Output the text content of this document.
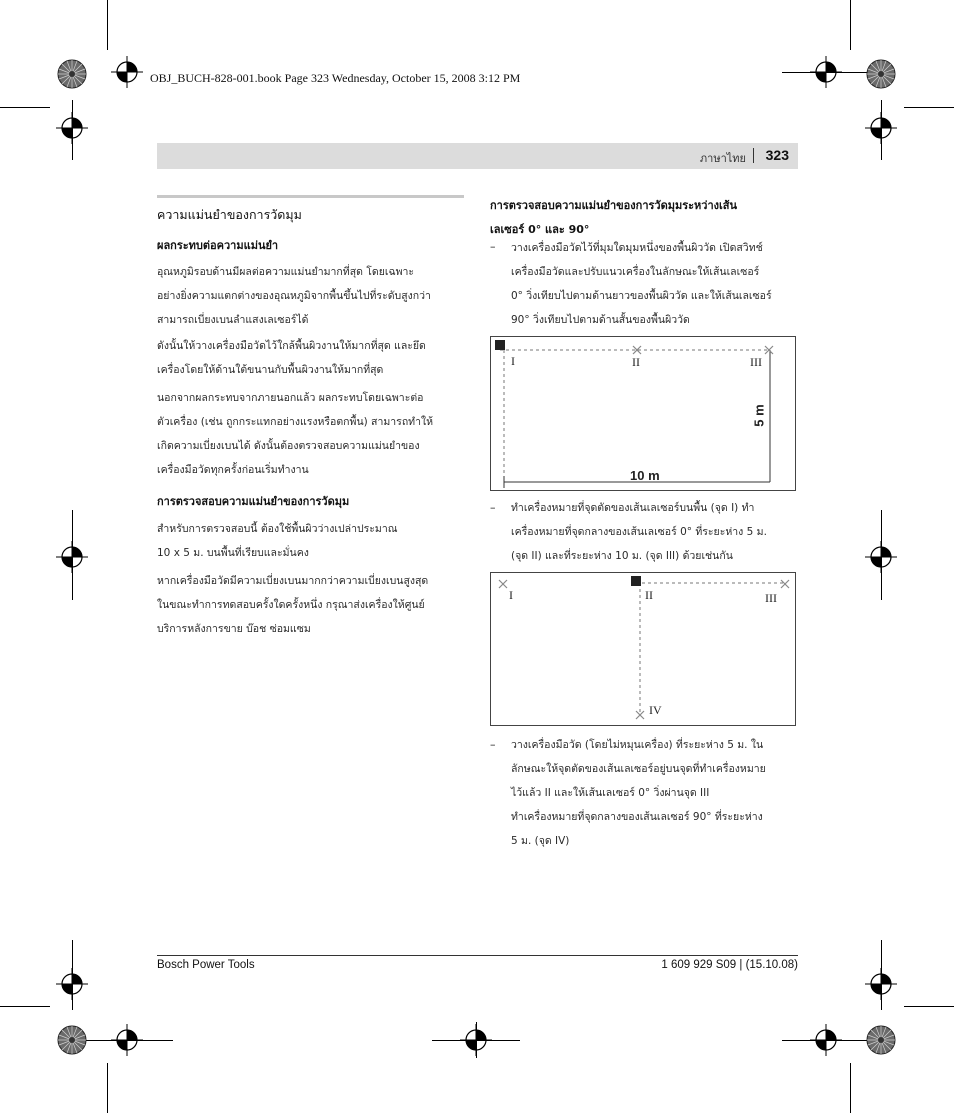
OBJ_BUCH-828-001.book Page 323 Wednesday, October 15, 2008 3:12 PM
ภาษาไทย 323
ความแม่นยำของการวัดมุม
ผลกระทบต่อความแม่นยำ
อุณหภูมิรอบด้านมีผลต่อความแม่นยำมากที่สุด โดยเฉพาะ
อย่างยิ่งความแตกต่างของอุณหภูมิจากพื้นขึ้นไปที่ระดับสูงกว่า
สามารถเบี่ยงเบนลำแสงเลเซอร์ได้
ดังนั้นให้วางเครื่องมือวัดไว้ใกล้พื้นผิวงานให้มากที่สุด และยึด
เครื่องโดยให้ด้านใต้ขนานกับพื้นผิวงานให้มากที่สุด
นอกจากผลกระทบจากภายนอกแล้ว ผลกระทบโดยเฉพาะต่อ
ตัวเครื่อง (เช่น ถูกกระแทกอย่างแรงหรือตกพื้น) สามารถทำให้
เกิดความเบี่ยงเบนได้ ดังนั้นต้องตรวจสอบความแม่นยำของ
เครื่องมือวัดทุกครั้งก่อนเริ่มทำงาน
การตรวจสอบความแม่นยำของการวัดมุม
สำหรับการตรวจสอบนี้ ต้องใช้พื้นผิวว่างเปล่าประมาณ
10 x 5 ม. บนพื้นที่เรียบและมั่นคง
หากเครื่องมือวัดมีความเบี่ยงเบนมากกว่าความเบี่ยงเบนสูงสุด
ในขณะทำการทดสอบครั้งใดครั้งหนึ่ง กรุณาส่งเครื่องให้ศูนย์
บริการหลังการขาย บ๊อช ซ่อมแซม
การตรวจสอบความแม่นยำของการวัดมุมระหว่างเส้น
เลเซอร์ 0° และ 90°
– วางเครื่องมือวัดไว้ที่มุมใดมุมหนึ่งของพื้นผิววัด เปิดสวิทช์
เครื่องมือวัดและปรับแนวเครื่องในลักษณะให้เส้นเลเซอร์
0° วิ่งเทียบไปตามด้านยาวของพื้นผิววัด และให้เส้นเลเซอร์
90° วิ่งเทียบไปตามด้านสั้นของพื้นผิววัด
I	II	III
10 m
5 m
– ทำเครื่องหมายที่จุดตัดของเส้นเลเซอร์บนพื้น (จุด I) ทำ
เครื่องหมายที่จุดกลางของเส้นเลเซอร์ 0° ที่ระยะห่าง 5 ม.
(จุด II) และที่ระยะห่าง 10 ม. (จุด III) ด้วยเช่นกัน
I	II	III
IV
– วางเครื่องมือวัด (โดยไม่หมุนเครื่อง) ที่ระยะห่าง 5 ม. ใน
ลักษณะให้จุดตัดของเส้นเลเซอร์อยู่บนจุดที่ทำเครื่องหมาย
ไว้แล้ว II และให้เส้นเลเซอร์ 0° วิ่งผ่านจุด III
ทำเครื่องหมายที่จุดกลางของเส้นเลเซอร์ 90° ที่ระยะห่าง
5 ม. (จุด IV)
Bosch Power Tools	1 609 929 S09 | (15.10.08)
